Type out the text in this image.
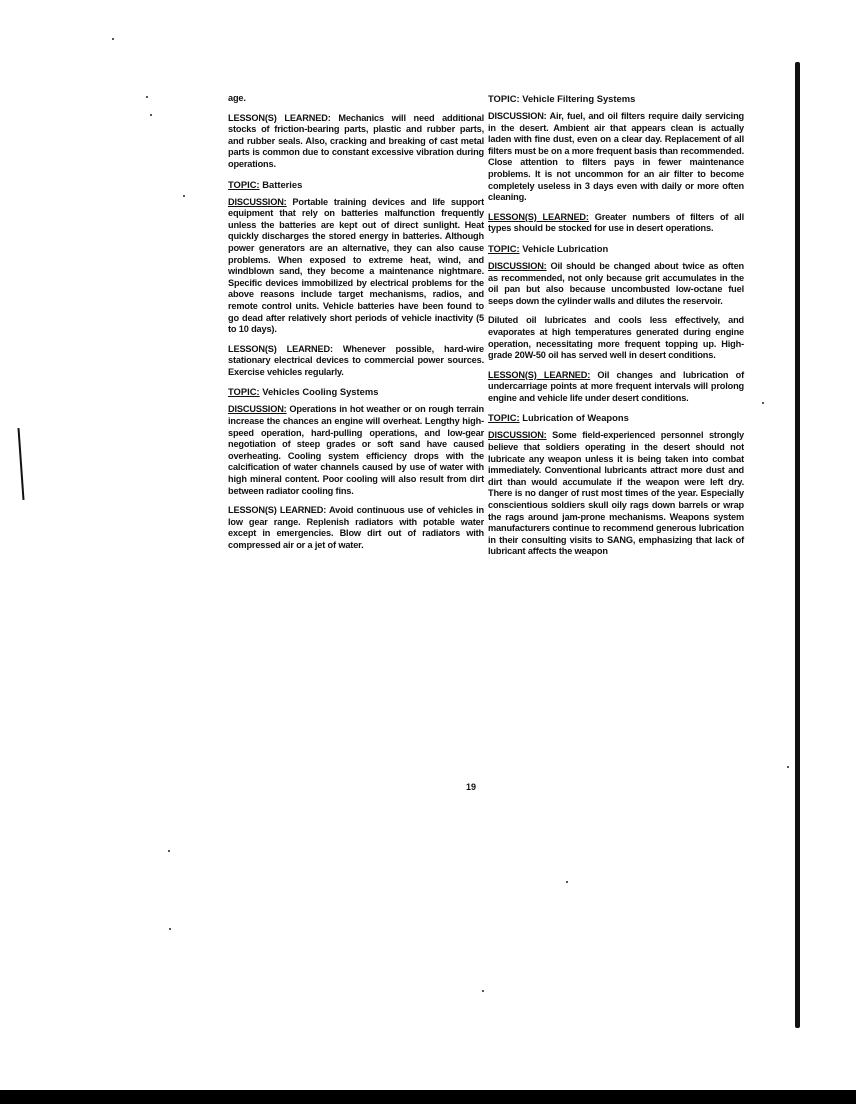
age.

LESSON(S) LEARNED: Mechanics will need additional stocks of friction-bearing parts, plastic and rubber parts, and rubber seals. Also, cracking and breaking of cast metal parts is common due to constant excessive vibration during operations.

TOPIC: Batteries

DISCUSSION: Portable training devices and life support equipment that rely on batteries malfunction frequently unless the batteries are kept out of direct sunlight. Heat quickly discharges the stored energy in batteries. Although power generators are an alternative, they can also cause problems. When exposed to extreme heat, wind, and windblown sand, they become a maintenance nightmare. Specific devices immobilized by electrical problems for the above reasons include target mechanisms, radios, and remote control units. Vehicle batteries have been found to go dead after relatively short periods of vehicle inactivity (5 to 10 days).

LESSON(S) LEARNED: Whenever possible, hard-wire stationary electrical devices to commercial power sources. Exercise vehicles regularly.

TOPIC: Vehicles Cooling Systems

DISCUSSION: Operations in hot weather or on rough terrain increase the chances an engine will overheat. Lengthy high-speed operation, hard-pulling operations, and low-gear negotiation of steep grades or soft sand have caused overheating. Cooling system efficiency drops with the calcification of water channels caused by use of water with high mineral content. Poor cooling will also result from dirt between radiator cooling fins.

LESSON(S) LEARNED: Avoid continuous use of vehicles in low gear range. Replenish radiators with potable water except in emergencies. Blow dirt out of radiators with compressed air or a jet of water.

TOPIC: Vehicle Filtering Systems

DISCUSSION: Air, fuel, and oil filters require daily servicing in the desert. Ambient air that appears clean is actually laden with fine dust, even on a clear day. Replacement of all filters must be on a more frequent basis than recommended. Close attention to filters pays in fewer maintenance problems. It is not uncommon for an air filter to become completely useless in 3 days even with daily or more often cleaning.

LESSON(S) LEARNED: Greater numbers of filters of all types should be stocked for use in desert operations.

TOPIC: Vehicle Lubrication

DISCUSSION: Oil should be changed about twice as often as recommended, not only because grit accumulates in the oil pan but also because uncombusted low-octane fuel seeps down the cylinder walls and dilutes the reservoir.

Diluted oil lubricates and cools less effectively, and evaporates at high temperatures generated during engine operation, necessitating more frequent topping up. High-grade 20W-50 oil has served well in desert conditions.

LESSON(S) LEARNED: Oil changes and lubrication of undercarriage points at more frequent intervals will prolong engine and vehicle life under desert conditions.

TOPIC: Lubrication of Weapons

DISCUSSION: Some field-experienced personnel strongly believe that soldiers operating in the desert should not lubricate any weapon unless it is being taken into combat immediately. Conventional lubricants attract more dust and dirt than would accumulate if the weapon were left dry. There is no danger of rust most times of the year. Especially conscientious soldiers skull oily rags down barrels or wrap the rags around jam-prone mechanisms. Weapons system manufacturers continue to recommend generous lubrication in their consulting visits to SANG, emphasizing that lack of lubricant affects the weapon

19
